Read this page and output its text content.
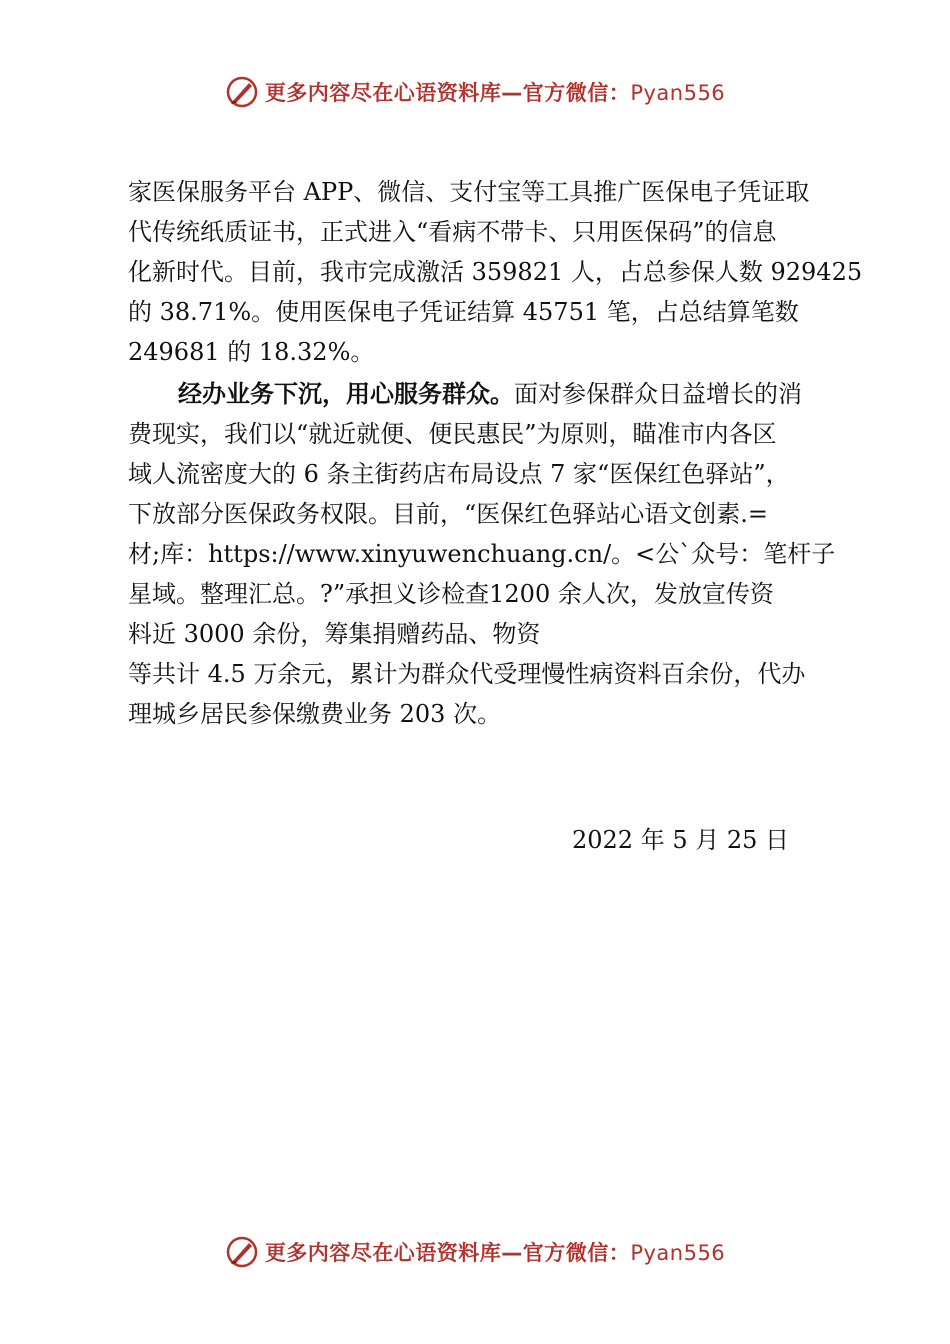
更多内容尽在心语资料库—官方微信：Pyan556
家医保服务平台 APP、微信、支付宝等工具推广医保电子凭证取
代传统纸质证书，正式进入“看病不带卡、只用医保码”的信息
化新时代。目前，我市完成激活 359821 人，占总参保人数 929425
的 38.71%。使用医保电子凭证结算 45751 笔，占总结算笔数
249681 的 18.32%。
经办业务下沉，用心服务群众。面对参保群众日益增长的消
费现实，我们以“就近就便、便民惠民”为原则，瞄准市内各区
域人流密度大的 6 条主街药店布局设点 7 家“医保红色驿站”，
下放部分医保政务权限。目前，“医保红色驿站心语文创素.=
材;库：https://www.xinyuwenchuang.cn/。<公`众号：笔杆子
星域。整理汇总。?”承担义诊检查1200 余人次，发放宣传资
料近 3000 余份，筹集捐赠药品、物资
等共计 4.5 万余元，累计为群众代受理慢性病资料百余份，代办
理城乡居民参保缴费业务 203 次。
2022 年 5 月 25 日
更多内容尽在心语资料库—官方微信：Pyan556
